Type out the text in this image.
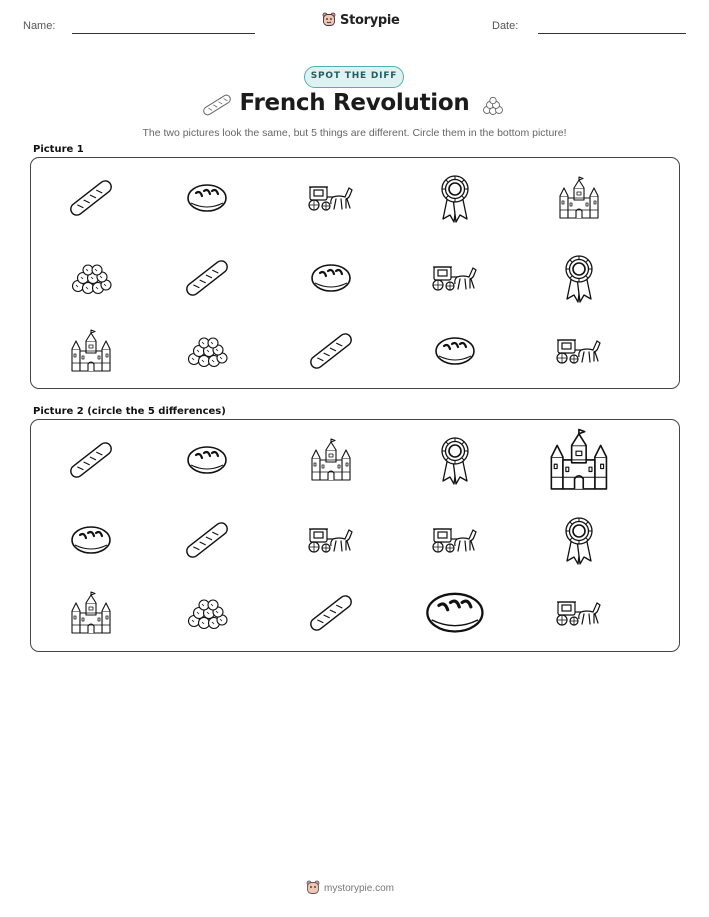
Name:	Date:
Storypie
SPOT THE DIFF
French Revolution
The two pictures look the same, but 5 things are different. Circle them in the bottom picture!
Picture 1
Picture 2 (circle the 5 differences)
mystorypie.com
